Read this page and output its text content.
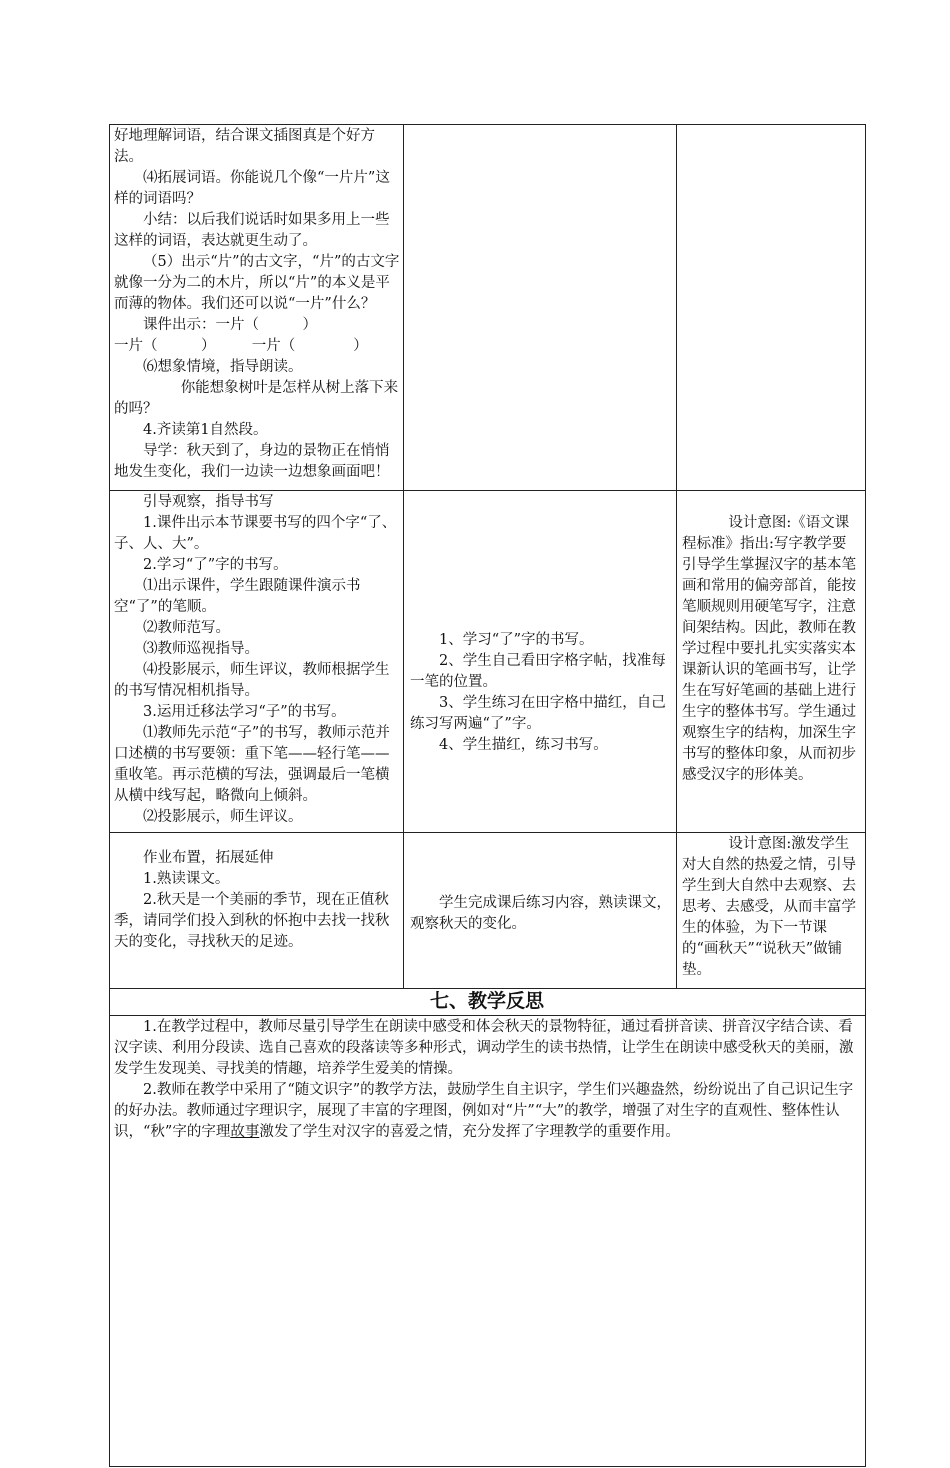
好地理解词语，结合课文插图真是个好方法。

⑷拓展词语。你能说几个像“一片片”这样的词语吗？

小结：以后我们说话时如果多用上一些这样的词语，表达就更生动了。

（5）出示“片”的古文字，“片”的古文字就像一分为二的木片，所以“片”的本义是平而薄的物体。我们还可以说“一片”什么？

课件出示：一片（　　　）

一片（　　　）　　　一片（　　　　）

⑹想象情境，指导朗读。

你能想象树叶是怎样从树上落下来的吗？

4.齐读第1自然段。

导学：秋天到了，身边的景物正在悄悄地发生变化，我们一边读一边想象画面吧！

引导观察，指导书写

1.课件出示本节课要书写的四个字“了、子、人、大”。

2.学习“了”字的书写。

⑴出示课件，学生跟随课件演示书空“了”的笔顺。

⑵教师范写。

⑶教师巡视指导。

⑷投影展示，师生评议，教师根据学生的书写情况相机指导。

3.运用迁移法学习“子”的书写。

⑴教师先示范“子”的书写，教师示范并口述横的书写要领：重下笔——轻行笔——重收笔。再示范横的写法，强调最后一笔横从横中线写起，略微向上倾斜。

⑵投影展示，师生评议。

1、学习“了”字的书写。

2、学生自己看田字格字帖，找准每一笔的位置。

3、学生练习在田字格中描红，自己练习写两遍“了”字。

4、学生描红，练习书写。

设计意图:《语文课程标准》指出:写字教学要引导学生掌握汉字的基本笔画和常用的偏旁部首，能按笔顺规则用硬笔写字，注意间架结构。因此，教师在教学过程中要扎扎实实落实本课新认识的笔画书写，让学生在写好笔画的基础上进行生字的整体书写。学生通过观察生字的结构，加深生字书写的整体印象，从而初步感受汉字的形体美。

作业布置，拓展延伸

1.熟读课文。

2.秋天是一个美丽的季节，现在正值秋季，请同学们投入到秋的怀抱中去找一找秋天的变化，寻找秋天的足迹。

学生完成课后练习内容，熟读课文，观察秋天的变化。

设计意图:激发学生对大自然的热爱之情，引导学生到大自然中去观察、去思考、去感受，从而丰富学生的体验，为下一节课的“画秋天”“说秋天”做铺垫。

七、教学反思

1.在教学过程中，教师尽量引导学生在朗读中感受和体会秋天的景物特征，通过看拼音读、拼音汉字结合读、看汉字读、利用分段读、选自己喜欢的段落读等多种形式，调动学生的读书热情，让学生在朗读中感受秋天的美丽，激发学生发现美、寻找美的情趣，培养学生爱美的情操。

2.教师在教学中采用了“随文识字”的教学方法，鼓励学生自主识字，学生们兴趣盎然，纷纷说出了自己识记生字的好办法。教师通过字理识字，展现了丰富的字理图，例如对“片”“大”的教学，增强了对生字的直观性、整体性认识，“秋”字的字理故事激发了学生对汉字的喜爱之情，充分发挥了字理教学的重要作用。
